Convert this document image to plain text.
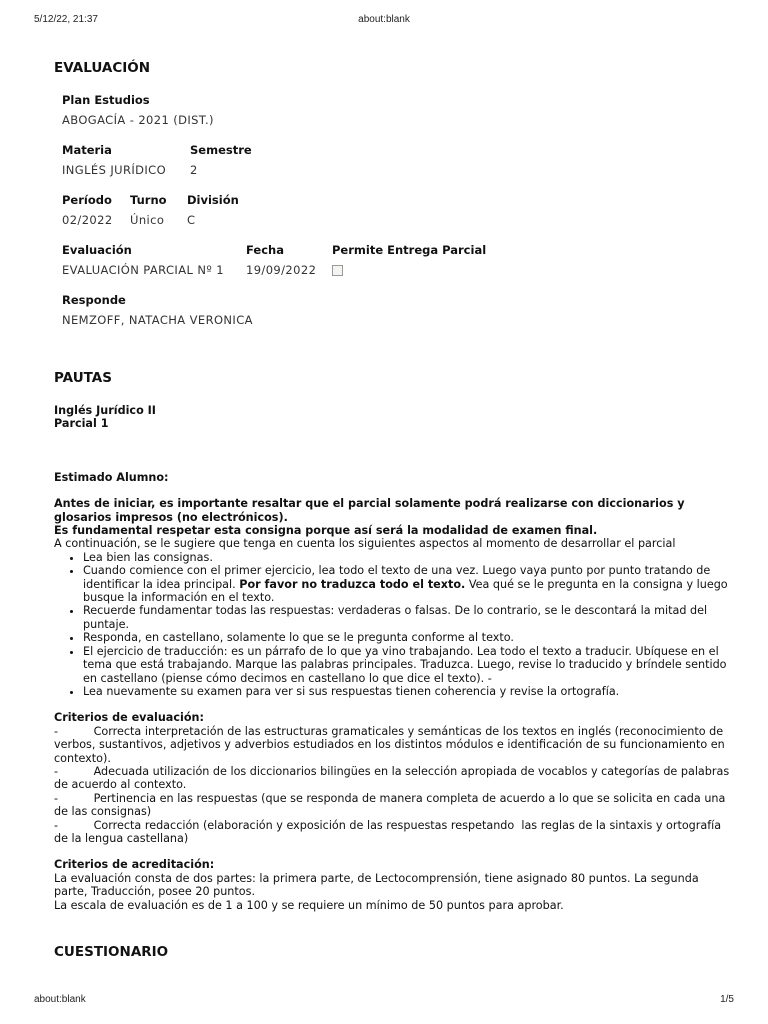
about:blank
5/12/22, 21:37
EVALUACIÓN
Plan Estudios
ABOGACÍA - 2021 (DIST.)
Materia
INGLÉS JURÍDICO
Semestre
2
Período
02/2022
Turno
Único
División
C
Evaluación
EVALUACIÓN PARCIAL Nº 1
Fecha
19/09/2022
Permite Entrega Parcial
Responde
NEMZOFF, NATACHA VERONICA
PAUTAS

Inglés Jurídico II

Parcial 1

Estimado Alumno:

Antes de iniciar, es importante resaltar que el parcial solamente podrá realizarse con diccionarios y glosarios impresos (no electrónicos).

Es fundamental respetar esta consigna porque así será la modalidad de examen final.

A continuación, se le sugiere que tenga en cuenta los siguientes aspectos al momento de desarrollar el parcial

• Lea bien las consignas.
• Cuando comience con el primer ejercicio, lea todo el texto de una vez. Luego vaya punto por punto tratando de identificar la idea principal. Por favor no traduzca todo el texto. Vea qué se le pregunta en la consigna y luego busque la información en el texto.
• Recuerde fundamentar todas las respuestas: verdaderas o falsas. De lo contrario, se le descontará la mitad del puntaje.
• Responda, en castellano, solamente lo que se le pregunta conforme al texto.
• El ejercicio de traducción: es un párrafo de lo que ya vino trabajando. Lea todo el texto a traducir. Ubíquese en el tema que está trabajando. Marque las palabras principales. Traduzca. Luego, revise lo traducido y bríndele sentido en castellano (piense cómo decimos en castellano lo que dice el texto). -
• Lea nuevamente su examen para ver si sus respuestas tienen coherencia y revise la ortografía.

Criterios de evaluación:

-          Correcta interpretación de las estructuras gramaticales y semánticas de los textos en inglés (reconocimiento de verbos, sustantivos, adjetivos y adverbios estudiados en los distintos módulos e identificación de su funcionamiento en contexto).

-          Adecuada utilización de los diccionarios bilingües en la selección apropiada de vocablos y categorías de palabras de acuerdo al contexto.

-          Pertinencia en las respuestas (que se responda de manera completa de acuerdo a lo que se solicita en cada una de las consignas)

-          Correcta redacción (elaboración y exposición de las respuestas respetando  las reglas de la sintaxis y ortografía de la lengua castellana)

Criterios de acreditación:

La evaluación consta de dos partes: la primera parte, de Lectocomprensión, tiene asignado 80 puntos. La segunda parte, Traducción, posee 20 puntos.

La escala de evaluación es de 1 a 100 y se requiere un mínimo de 50 puntos para aprobar.

CUESTIONARIO
about:blank	1/5
